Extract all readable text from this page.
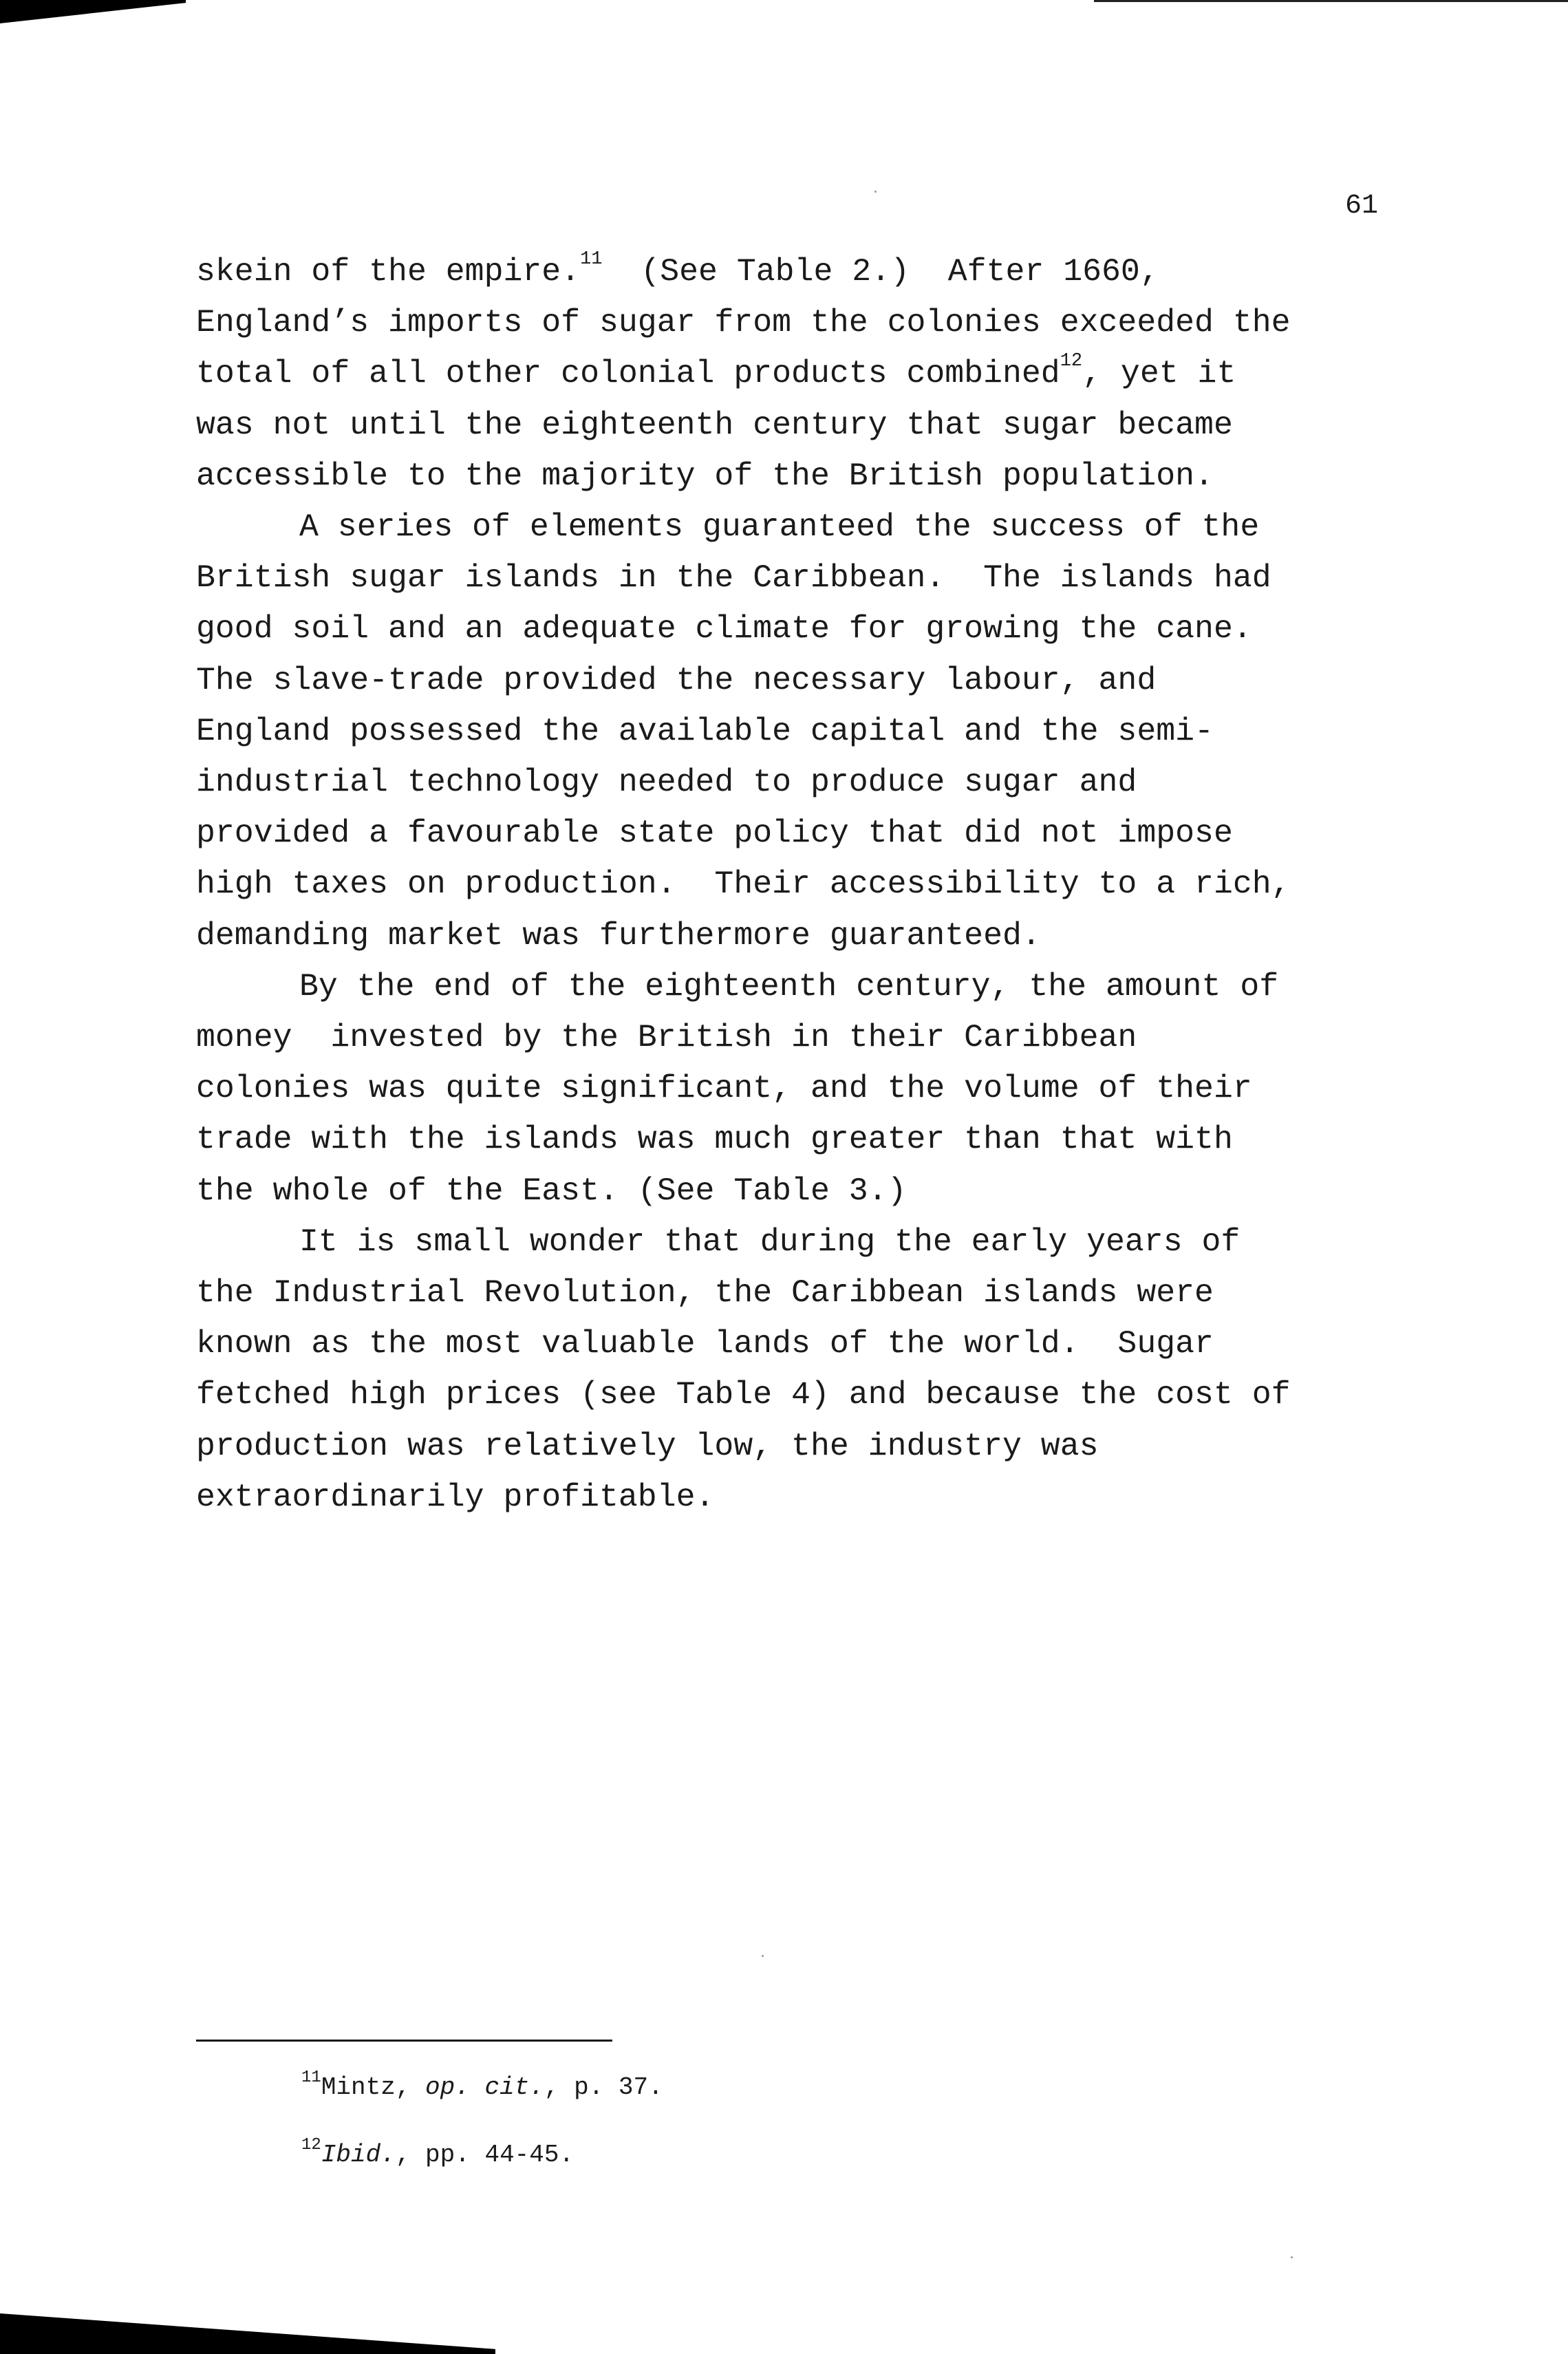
61
skein of the empire.$^{11}$  (See Table 2.)  After 1660,
England’s imports of sugar from the colonies exceeded the
total of all other colonial products combined$^{12}$, yet it
was not until the eighteenth century that sugar became
accessible to the majority of the British population.
A series of elements guaranteed the success of the
British sugar islands in the Caribbean.  The islands had
good soil and an adequate climate for growing the cane.
The slave-trade provided the necessary labour, and
England possessed the available capital and the semi-
industrial technology needed to produce sugar and
provided a favourable state policy that did not impose
high taxes on production.  Their accessibility to a rich,
demanding market was furthermore guaranteed.
By the end of the eighteenth century, the amount of
money  invested by the British in their Caribbean
colonies was quite significant, and the volume of their
trade with the islands was much greater than that with
the whole of the East. (See Table 3.)
It is small wonder that during the early years of
the Industrial Revolution, the Caribbean islands were
known as the most valuable lands of the world.  Sugar
fetched high prices (see Table 4) and because the cost of
production was relatively low, the industry was
extraordinarily profitable.
$^{11}$Mintz, op. cit., p. 37.
$^{12}$Ibid., pp. 44-45.
